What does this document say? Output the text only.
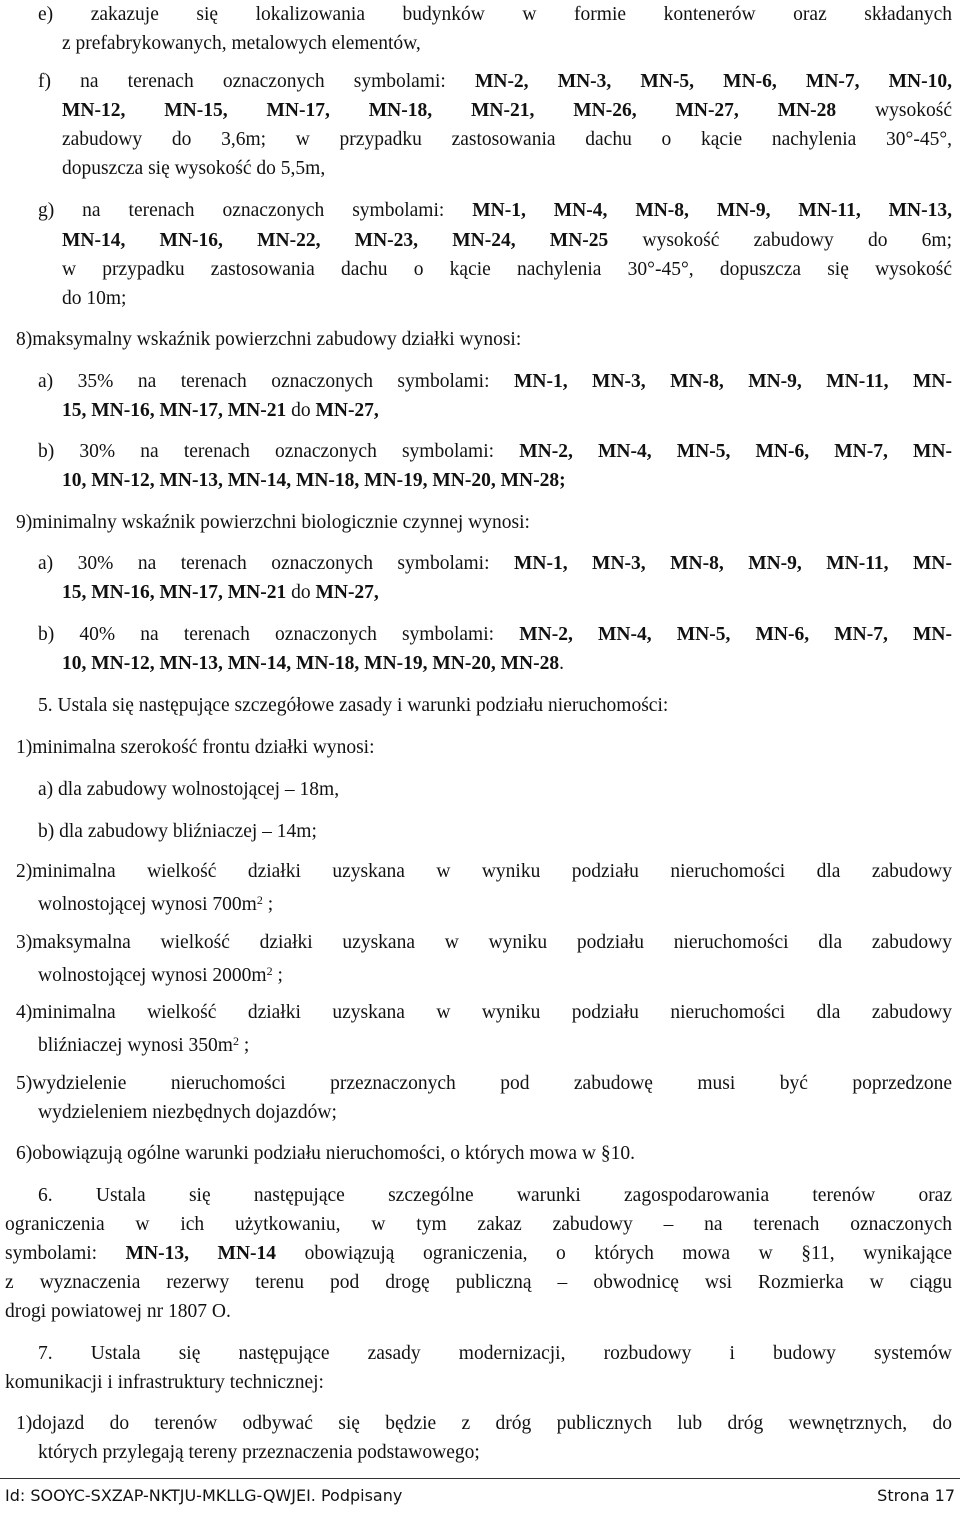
e) zakazuje się lokalizowania budynków w formie kontenerów oraz składanych
z prefabrykowanych, metalowych elementów,
f) na terenach oznaczonych symbolami: MN-2, MN-3, MN-5, MN-6, MN-7, MN-10,
MN-12, MN-15, MN-17, MN-18, MN-21, MN-26, MN-27, MN-28 wysokość
zabudowy do 3,6m; w przypadku zastosowania dachu o kącie nachylenia 30°-45°,
dopuszcza się wysokość do 5,5m,
g) na terenach oznaczonych symbolami: MN-1, MN-4, MN-8, MN-9, MN-11, MN-13,
MN-14, MN-16, MN-22, MN-23, MN-24, MN-25 wysokość zabudowy do 6m;
w przypadku zastosowania dachu o kącie nachylenia 30°-45°, dopuszcza się wysokość
do 10m;
8)maksymalny wskaźnik powierzchni zabudowy działki wynosi:
a) 35% na terenach oznaczonych symbolami: MN-1, MN-3, MN-8, MN-9, MN-11, MN-
15, MN-16, MN-17, MN-21 do MN-27,
b) 30% na terenach oznaczonych symbolami: MN-2, MN-4, MN-5, MN-6, MN-7, MN-
10, MN-12, MN-13, MN-14, MN-18, MN-19, MN-20, MN-28;
9)minimalny wskaźnik powierzchni biologicznie czynnej wynosi:
a) 30% na terenach oznaczonych symbolami: MN-1, MN-3, MN-8, MN-9, MN-11, MN-
15, MN-16, MN-17, MN-21 do MN-27,
b) 40% na terenach oznaczonych symbolami: MN-2, MN-4, MN-5, MN-6, MN-7, MN-
10, MN-12, MN-13, MN-14, MN-18, MN-19, MN-20, MN-28.
5. Ustala się następujące szczegółowe zasady i warunki podziału nieruchomości:
1)minimalna szerokość frontu działki wynosi:
a) dla zabudowy wolnostojącej – 18m,
b) dla zabudowy bliźniaczej – 14m;
2)minimalna wielkość działki uzyskana w wyniku podziału nieruchomości dla zabudowy
wolnostojącej wynosi $700m^2$ ;
3)maksymalna wielkość działki uzyskana w wyniku podziału nieruchomości dla zabudowy
wolnostojącej wynosi $2000m^2$ ;
4)minimalna wielkość działki uzyskana w wyniku podziału nieruchomości dla zabudowy
bliźniaczej wynosi $350m^2$ ;
5)wydzielenie nieruchomości przeznaczonych pod zabudowę musi być poprzedzone
wydzieleniem niezbędnych dojazdów;
6)obowiązują ogólne warunki podziału nieruchomości, o których mowa w §10.
6. Ustala się następujące szczególne warunki zagospodarowania terenów oraz
ograniczenia w ich użytkowaniu, w tym zakaz zabudowy – na terenach oznaczonych
symbolami: MN-13, MN-14 obowiązują ograniczenia, o których mowa w §11, wynikające
z wyznaczenia rezerwy terenu pod drogę publiczną – obwodnicę wsi Rozmierka w ciągu
drogi powiatowej nr 1807 O.
7. Ustala się następujące zasady modernizacji, rozbudowy i budowy systemów
komunikacji i infrastruktury technicznej:
1)dojazd do terenów odbywać się będzie z dróg publicznych lub dróg wewnętrznych, do
których przylegają tereny przeznaczenia podstawowego;
Id: SOOYC-SXZAP-NKTJU-MKLLG-QWJEI. Podpisany	Strona 17
